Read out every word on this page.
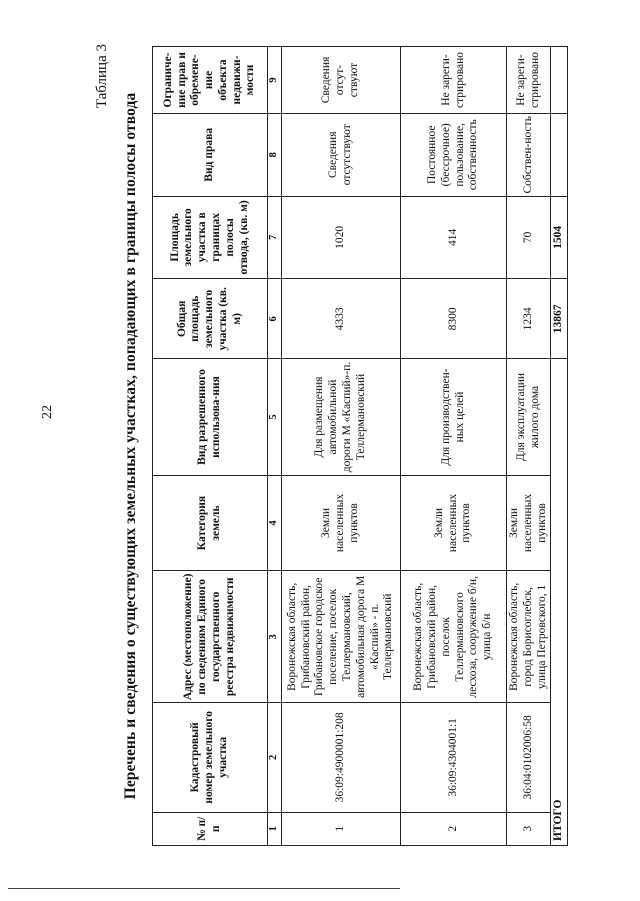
22
Таблица 3
Перечень и сведения о существующих земельных участках, попадающих в границы полосы отвода
№ п/п	Кадастровый номер земельного участка	Адрес (местоположение) по сведениям Единого государственного реестра недвижимости	Категория земель	Вид разрешенного использова-ния	Общая площадь земельного участка (кв. м)	Площадь земельного участка в границах полосы отвода, (кв. м)	Вид права	Ограниче-ние прав и обремене-ние объекта недвижи-мости
1	2	3	4	5	6	7	8	9
1	36:09:4900001:208	Воронежская область, Грибановский район, Грибановское городское поселение, поселок Теллермановский, автомобильная дорога М «Каспий» - п. Теллермановский	Земли населенных пунктов	Для размещения автомобильной дороги М «Каспий»-п. Теллермановский	4333	1020	Сведения отсутствуют	Сведения отсут-ствуют
2	36:09:4304001:1	Воронежская область, Грибановский район, поселок Теллермановского лесхоза, сооружение б/н, улица б/н	Земли населенных пунктов	Для производствен-ных целей	8300	414	Постоянное (бессрочное) пользование, собственность	Не зареги-стрировано
3	36:04:0102006:58	Воронежская область, город Борисоглебск, улица Петровского, 1	Земли населенных пунктов	Для эксплуатации жилого дома	1234	70	Собствен-ность	Не зареги-стрировано
ИТОГО					13867	1504		
